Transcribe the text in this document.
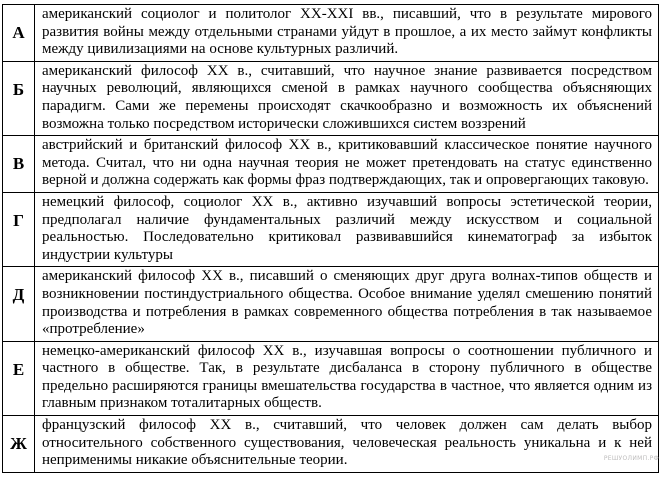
А	американский социолог и политолог XX-XXI вв., писавший, что в результате мирового развития войны между отдельными странами уйдут в прошлое, а их место займут конфликты между цивилизациями на основе культурных различий.
Б	американский философ XX в., считавший, что научное знание развивается посредством научных революций, являющихся сменой в рамках научного сообщества объясняющих парадигм. Сами же перемены происходят скачкообразно и возможность их объяснений возможна только посредством исторически сложившихся систем воззрений
В	австрийский и британский философ XX в., критиковавший классическое понятие научного метода. Считал, что ни одна научная теория не может претендовать на статус единственно верной и должна содержать как формы фраз подтверждающих, так и опровергающих таковую.
Г	немецкий философ, социолог XX в., активно изучавший вопросы эстетической теории, предполагал наличие фундаментальных различий между искусством и социальной реальностью. Последовательно критиковал развивавшийся кинематограф за избыток индустрии культуры
Д	американский философ XX в., писавший о сменяющих друг друга волнах-типов обществ и возникновении постиндустриального общества. Особое внимание уделял смешению понятий производства и потребления в рамках современного общества потребления в так называемое «протребление»
Е	немецко-американский философ XX в., изучавшая вопросы о соотношении публичного и частного в обществе. Так, в результате дисбаланса в сторону публичного в обществе предельно расширяются границы вмешательства государства в частное, что является одним из главным признаком тоталитарных обществ.
Ж	французский философ XX в., считавший, что человек должен сам делать выбор относительного собственного существования, человеческая реальность уникальна и к ней неприменимы никакие объяснительные теории.	РЕШУОЛИМП.РФ
